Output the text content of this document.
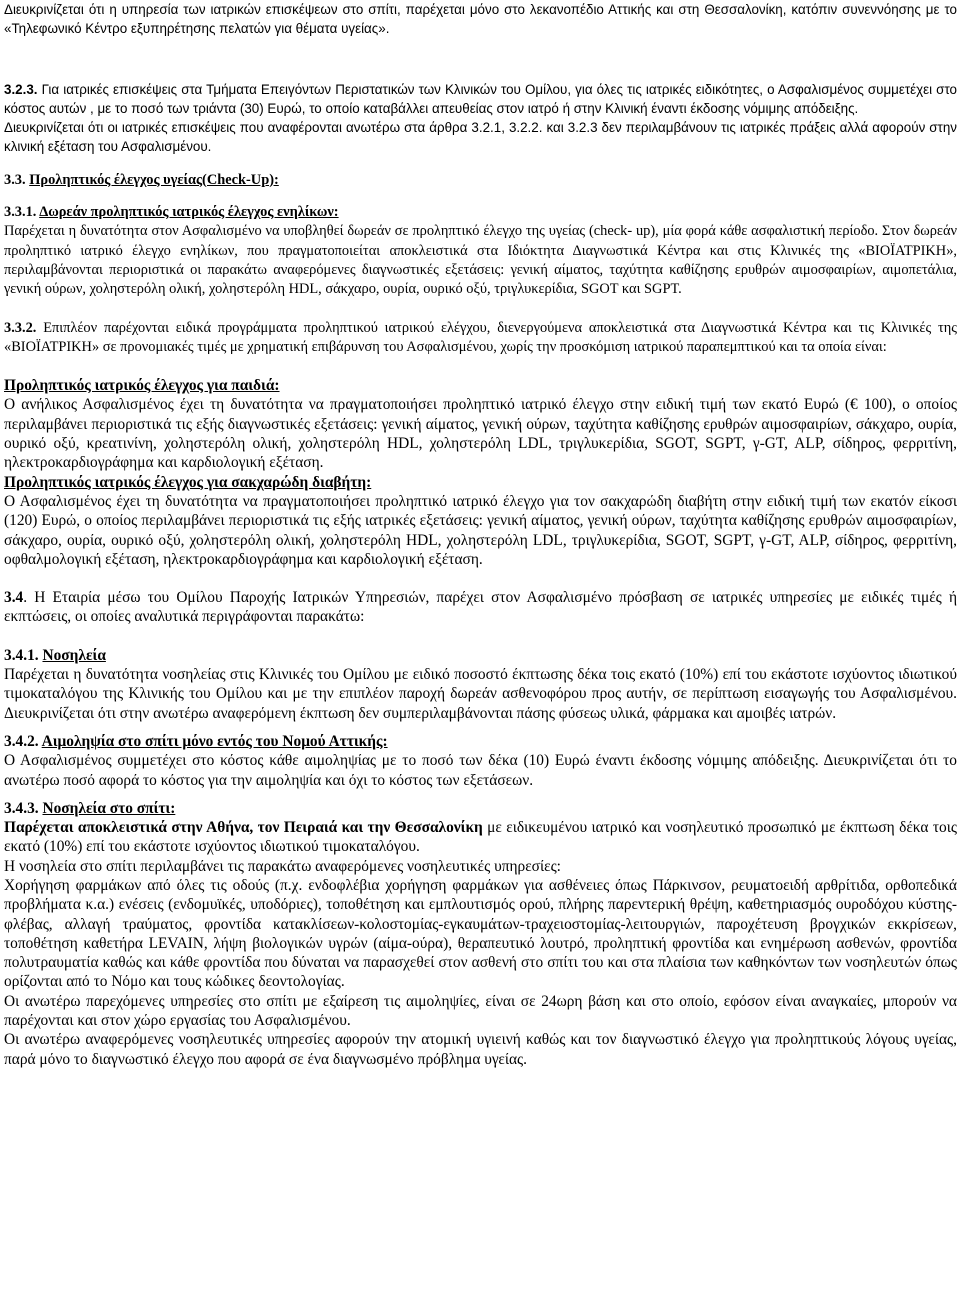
Διευκρινίζεται ότι η υπηρεσία των ιατρικών επισκέψεων στο σπίτι, παρέχεται μόνο στο λεκανοπέδιο Αττικής και στη Θεσσαλονίκη, κατόπιν συνεννόησης με το «Τηλεφωνικό Κέντρο εξυπηρέτησης πελατών για θέματα υγείας».

3.2.3. Για ιατρικές επισκέψεις στα Τμήματα Επειγόντων Περιστατικών των Κλινικών του Ομίλου, για όλες τις ιατρικές ειδικότητες, ο Ασφαλισμένος συμμετέχει στο κόστος αυτών , με το ποσό των τριάντα (30) Ευρώ, το οποίο καταβάλλει απευθείας στον ιατρό ή στην Κλινική έναντι έκδοσης νόμιμης απόδειξης.

Διευκρινίζεται ότι οι ιατρικές επισκέψεις που αναφέρονται ανωτέρω στα άρθρα 3.2.1, 3.2.2. και 3.2.3 δεν περιλαμβάνουν τις ιατρικές πράξεις αλλά αφορούν στην κλινική εξέταση του Ασφαλισμένου.

3.3. Προληπτικός έλεγχος υγείας(Check-Up):

3.3.1. Δωρεάν προληπτικός ιατρικός έλεγχος ενηλίκων:

Παρέχεται η δυνατότητα στον Ασφαλισμένο να υποβληθεί δωρεάν σε προληπτικό έλεγχο της υγείας (check- up), μία φορά κάθε ασφαλιστική περίοδο. Στον δωρεάν προληπτικό ιατρικό έλεγχο ενηλίκων, που πραγματοποιείται αποκλειστικά στα Ιδιόκτητα Διαγνωστικά Κέντρα και στις Κλινικές της «ΒΙΟΪΑΤΡΙΚΗ», περιλαμβάνονται περιοριστικά οι παρακάτω αναφερόμενες διαγνωστικές εξετάσεις: γενική αίματος, ταχύτητα καθίζησης ερυθρών αιμοσφαιρίων, αιμοπετάλια, γενική ούρων, χοληστερόλη ολική, χοληστερόλη HDL, σάκχαρο, ουρία, ουρικό οξύ, τριγλυκερίδια, SGOT και SGPT.

3.3.2. Επιπλέον παρέχονται ειδικά προγράμματα προληπτικού ιατρικού ελέγχου, διενεργούμενα αποκλειστικά στα Διαγνωστικά Κέντρα και τις Κλινικές της «ΒΙΟΪΑΤΡΙΚΗ» σε προνομιακές τιμές με χρηματική επιβάρυνση του Ασφαλισμένου, χωρίς την προσκόμιση ιατρικού παραπεμπτικού και τα οποία είναι:

Προληπτικός ιατρικός έλεγχος για παιδιά:

Ο ανήλικος Ασφαλισμένος έχει τη δυνατότητα να πραγματοποιήσει προληπτικό ιατρικό έλεγχο στην ειδική τιμή των εκατό Ευρώ (€ 100), ο οποίος περιλαμβάνει περιοριστικά τις εξής διαγνωστικές εξετάσεις: γενική αίματος, γενική ούρων, ταχύτητα καθίζησης ερυθρών αιμοσφαιρίων, σάκχαρο, ουρία, ουρικό οξύ, κρεατινίνη, χοληστερόλη ολική, χοληστερόλη HDL, χοληστερόλη LDL, τριγλυκερίδια, SGOT, SGPT, γ-GT, ALP, σίδηρος, φερριτίνη, ηλεκτροκαρδιογράφημα και καρδιολογική εξέταση.

Προληπτικός ιατρικός έλεγχος για σακχαρώδη διαβήτη:

Ο Ασφαλισμένος έχει τη δυνατότητα να πραγματοποιήσει προληπτικό ιατρικό έλεγχο για τον σακχαρώδη διαβήτη στην ειδική τιμή των εκατόν είκοσι (120) Ευρώ, ο οποίος περιλαμβάνει περιοριστικά τις εξής ιατρικές εξετάσεις: γενική αίματος, γενική ούρων, ταχύτητα καθίζησης ερυθρών αιμοσφαιρίων, σάκχαρο, ουρία, ουρικό οξύ, χοληστερόλη ολική, χοληστερόλη HDL, χοληστερόλη LDL, τριγλυκερίδια, SGOT, SGPT, γ-GT, ALP, σίδηρος, φερριτίνη, οφθαλμολογική εξέταση, ηλεκτροκαρδιογράφημα και καρδιολογική εξέταση.

3.4. Η Εταιρία μέσω του Ομίλου Παροχής Ιατρικών Υπηρεσιών, παρέχει στον Ασφαλισμένο πρόσβαση σε ιατρικές υπηρεσίες με ειδικές τιμές ή εκπτώσεις, οι οποίες αναλυτικά περιγράφονται παρακάτω:

3.4.1. Νοσηλεία

Παρέχεται η δυνατότητα νοσηλείας στις Κλινικές του Ομίλου με ειδικό ποσοστό έκπτωσης δέκα τοις εκατό (10%) επί του εκάστοτε ισχύοντος ιδιωτικού τιμοκαταλόγου της Κλινικής του Ομίλου και με την επιπλέον παροχή δωρεάν ασθενοφόρου προς αυτήν, σε περίπτωση εισαγωγής του Ασφαλισμένου. Διευκρινίζεται ότι στην ανωτέρω αναφερόμενη έκπτωση δεν συμπεριλαμβάνονται πάσης φύσεως υλικά, φάρμακα και αμοιβές ιατρών.

3.4.2. Αιμοληψία στο σπίτι μόνο εντός του Νομού Αττικής:

Ο Ασφαλισμένος συμμετέχει στο κόστος κάθε αιμοληψίας με το ποσό των δέκα (10) Ευρώ έναντι έκδοσης νόμιμης απόδειξης. Διευκρινίζεται ότι το ανωτέρω ποσό αφορά το κόστος για την αιμοληψία και όχι το κόστος των εξετάσεων.

3.4.3. Νοσηλεία στο σπίτι:

Παρέχεται αποκλειστικά στην Αθήνα, τον Πειραιά και την Θεσσαλονίκη με ειδικευμένου ιατρικό και νοσηλευτικό προσωπικό με έκπτωση δέκα τοις εκατό (10%) επί του εκάστοτε ισχύοντος ιδιωτικού τιμοκαταλόγου.

Η νοσηλεία στο σπίτι περιλαμβάνει τις παρακάτω αναφερόμενες νοσηλευτικές υπηρεσίες:

Χορήγηση φαρμάκων από όλες τις οδούς (π.χ. ενδοφλέβια χορήγηση φαρμάκων για ασθένειες όπως Πάρκινσον, ρευματοειδή αρθρίτιδα, ορθοπεδικά προβλήματα κ.α.) ενέσεις (ενδομυϊκές, υποδόριες), τοποθέτηση και εμπλουτισμός ορού, πλήρης παρεντερική θρέψη, καθετηριασμός ουροδόχου κύστης-φλέβας, αλλαγή τραύματος, φροντίδα κατακλίσεων-κολοστομίας-εγκαυμάτων-τραχειοστομίας-λειτουργιών, παροχέτευση βρογχικών εκκρίσεων, τοποθέτηση καθετήρα LEVAIN, λήψη βιολογικών υγρών (αίμα-ούρα), θεραπευτικό λουτρό, προληπτική φροντίδα και ενημέρωση ασθενών, φροντίδα πολυτραυματία καθώς και κάθε φροντίδα που δύναται να παρασχεθεί στον ασθενή στο σπίτι του και στα πλαίσια των καθηκόντων των νοσηλευτών όπως ορίζονται από το Νόμο και τους κώδικες δεοντολογίας.

Οι ανωτέρω παρεχόμενες υπηρεσίες στο σπίτι με εξαίρεση τις αιμοληψίες, είναι σε 24ωρη βάση και στο οποίο, εφόσον είναι αναγκαίες, μπορούν να παρέχονται και στον χώρο εργασίας του Ασφαλισμένου.

Οι ανωτέρω αναφερόμενες νοσηλευτικές υπηρεσίες αφορούν την ατομική υγιεινή καθώς και τον διαγνωστικό έλεγχο για προληπτικούς λόγους υγείας, παρά μόνο το διαγνωστικό έλεγχο που αφορά σε ένα διαγνωσμένο πρόβλημα υγείας.
